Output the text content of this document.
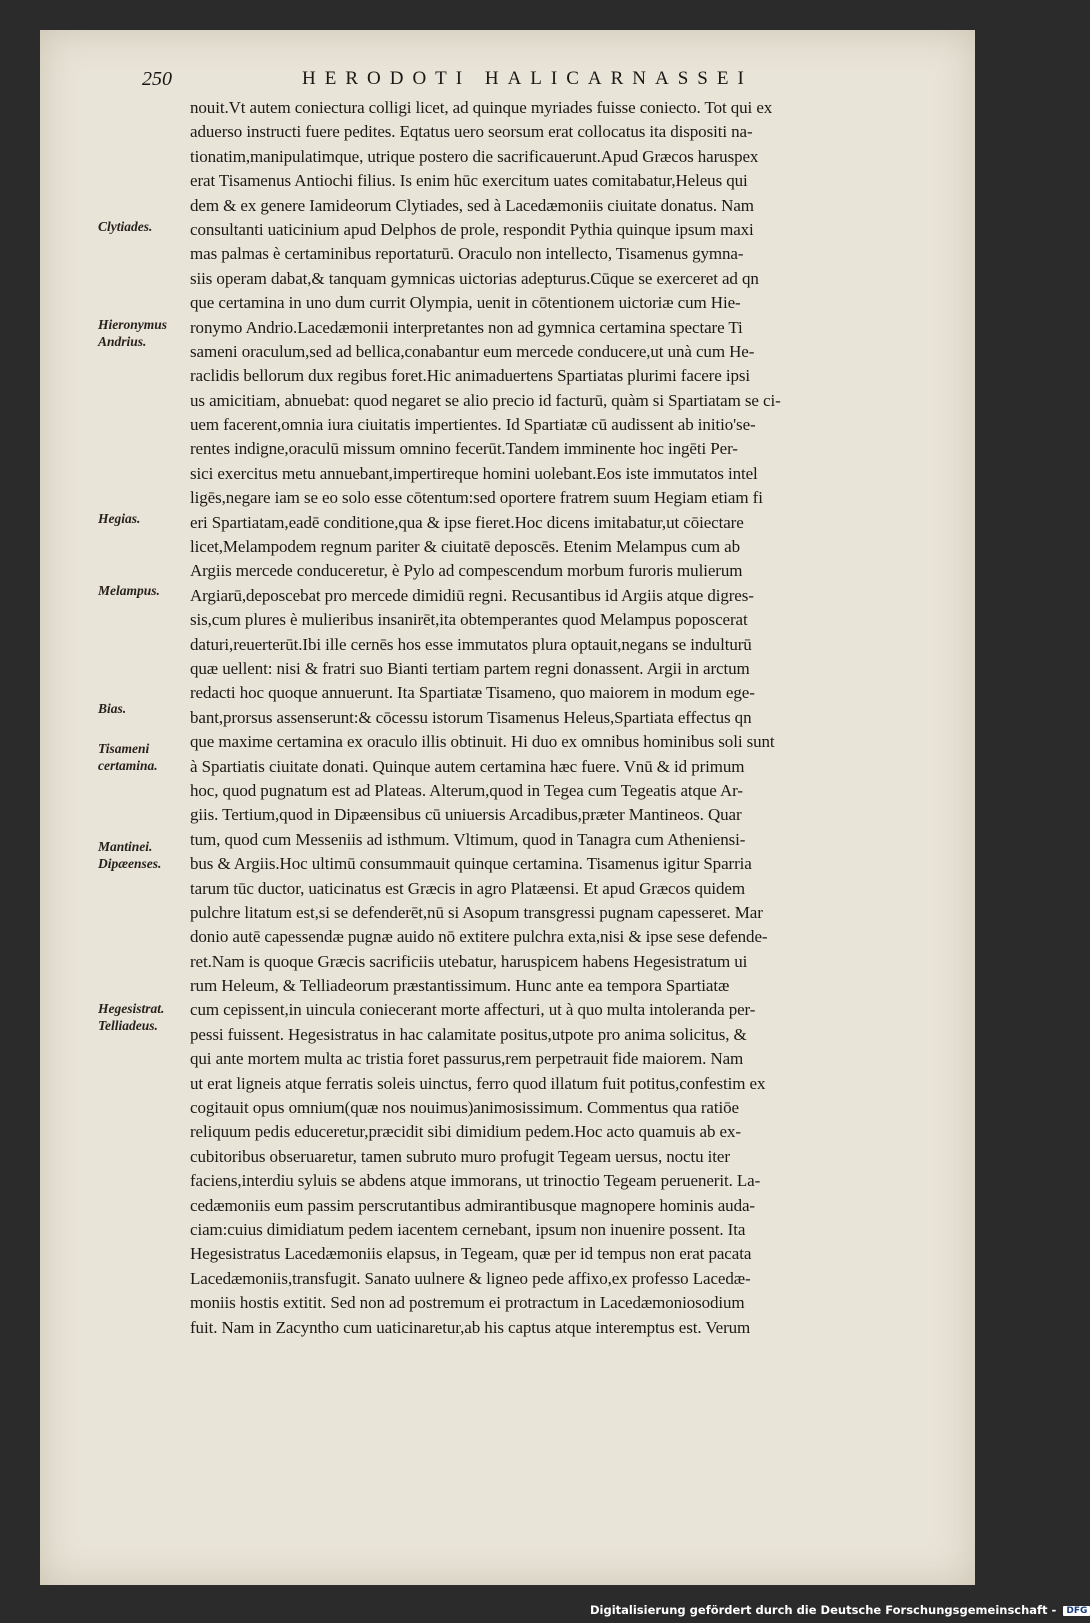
250	HERODOTI HALICARNASSEI
nouit.Vt autem coniectura colligi licet, ad quinque myriades fuisse coniecto. Tot qui ex
aduerso instructi fuere pedites. Eqtatus uero seorsum erat collocatus ita dispositi na-
tionatim,manipulatimque, utrique postero die sacrificauerunt.Apud Græcos haruspex
erat Tisamenus Antiochi filius. Is enim hūc exercitum uates comitabatur,Heleus qui
dem & ex genere Iamideorum Clytiades, sed à Lacedæmoniis ciuitate donatus. Nam
consultanti uaticinium apud Delphos de prole, respondit Pythia quinque ipsum maxi
mas palmas è certaminibus reportaturū. Oraculo non intellecto, Tisamenus gymna-
siis operam dabat,& tanquam gymnicas uictorias adepturus.Cūque se exerceret ad qn
que certamina in uno dum currit Olympia, uenit in cōtentionem uictoriæ cum Hie-
ronymo Andrio.Lacedæmonii interpretantes non ad gymnica certamina spectare Ti
sameni oraculum,sed ad bellica,conabantur eum mercede conducere,ut unà cum He-
raclidis bellorum dux regibus foret.Hic animaduertens Spartiatas plurimi facere ipsi
us amicitiam, abnuebat: quod negaret se alio precio id facturū, quàm si Spartiatam se ci-
uem facerent,omnia iura ciuitatis impertientes. Id Spartiatæ cū audissent ab initio'se-
rentes indigne,oraculū missum omnino fecerūt.Tandem imminente hoc ingēti Per-
sici exercitus metu annuebant,impertireque homini uolebant.Eos iste immutatos intel
ligēs,negare iam se eo solo esse cōtentum:sed oportere fratrem suum Hegiam etiam fi
eri Spartiatam,eadē conditione,qua & ipse fieret.Hoc dicens imitabatur,ut cōiectare
licet,Melampodem regnum pariter & ciuitatē deposcēs. Etenim Melampus cum ab
Argiis mercede conduceretur, è Pylo ad compescendum morbum furoris mulierum
Argiarū,deposcebat pro mercede dimidiū regni. Recusantibus id Argiis atque digres-
sis,cum plures è mulieribus insanirēt,ita obtemperantes quod Melampus poposcerat
daturi,reuerterūt.Ibi ille cernēs hos esse immutatos plura optauit,negans se indulturū
quæ uellent: nisi & fratri suo Bianti tertiam partem regni donassent. Argii in arctum
redacti hoc quoque annuerunt. Ita Spartiatæ Tisameno, quo maiorem in modum ege-
bant,prorsus assenserunt:& cōcessu istorum Tisamenus Heleus,Spartiata effectus qn
que maxime certamina ex oraculo illis obtinuit. Hi duo ex omnibus hominibus soli sunt
à Spartiatis ciuitate donati. Quinque autem certamina hæc fuere. Vnū & id primum
hoc, quod pugnatum est ad Plateas. Alterum,quod in Tegea cum Tegeatis atque Ar-
giis. Tertium,quod in Dipæensibus cū uniuersis Arcadibus,præter Mantineos. Quar
tum, quod cum Messeniis ad isthmum. Vltimum, quod in Tanagra cum Atheniensi-
bus & Argiis.Hoc ultimū consummauit quinque certamina. Tisamenus igitur Sparria
tarum tūc ductor, uaticinatus est Græcis in agro Platæensi. Et apud Græcos quidem
pulchre litatum est,si se defenderēt,nū si Asopum transgressi pugnam capesseret. Mar
donio autē capessendæ pugnæ auido nō extitere pulchra exta,nisi & ipse sese defende-
ret.Nam is quoque Græcis sacrificiis utebatur, haruspicem habens Hegesistratum ui
rum Heleum, & Telliadeorum præstantissimum. Hunc ante ea tempora Spartiatæ
cum cepissent,in uincula coniecerant morte affecturi, ut à quo multa intoleranda per-
pessi fuissent. Hegesistratus in hac calamitate positus,utpote pro anima solicitus, &
qui ante mortem multa ac tristia foret passurus,rem perpetrauit fide maiorem. Nam
ut erat ligneis atque ferratis soleis uinctus, ferro quod illatum fuit potitus,confestim ex
cogitauit opus omnium(quæ nos nouimus)animosissimum. Commentus qua ratiōe
reliquum pedis educeretur,præcidit sibi dimidium pedem.Hoc acto quamuis ab ex-
cubitoribus obseruaretur, tamen subruto muro profugit Tegeam uersus, noctu iter
faciens,interdiu syluis se abdens atque immorans, ut trinoctio Tegeam peruenerit. La-
cedæmoniis eum passim perscrutantibus admirantibusque magnopere hominis auda-
ciam:cuius dimidiatum pedem iacentem cernebant, ipsum non inuenire possent. Ita
Hegesistratus Lacedæmoniis elapsus, in Tegeam, quæ per id tempus non erat pacata
Lacedæmoniis,transfugit. Sanato uulnere & ligneo pede affixo,ex professo Lacedæ-
moniis hostis extitit. Sed non ad postremum ei protractum in Lacedæmoniosodium
fuit. Nam in Zacyntho cum uaticinaretur,ab his captus atque interemptus est. Verum
Clytiades.
Hieronymus
Andrius.
Hegias.
Melampus.
Bias.
Tisameni
certamina.
Mantinei.
Dipæenses.
Hegesistrat.
Telliadeus.
Digitalisierung gefördert durch die Deutsche Forschungsgemeinschaft - DFG
